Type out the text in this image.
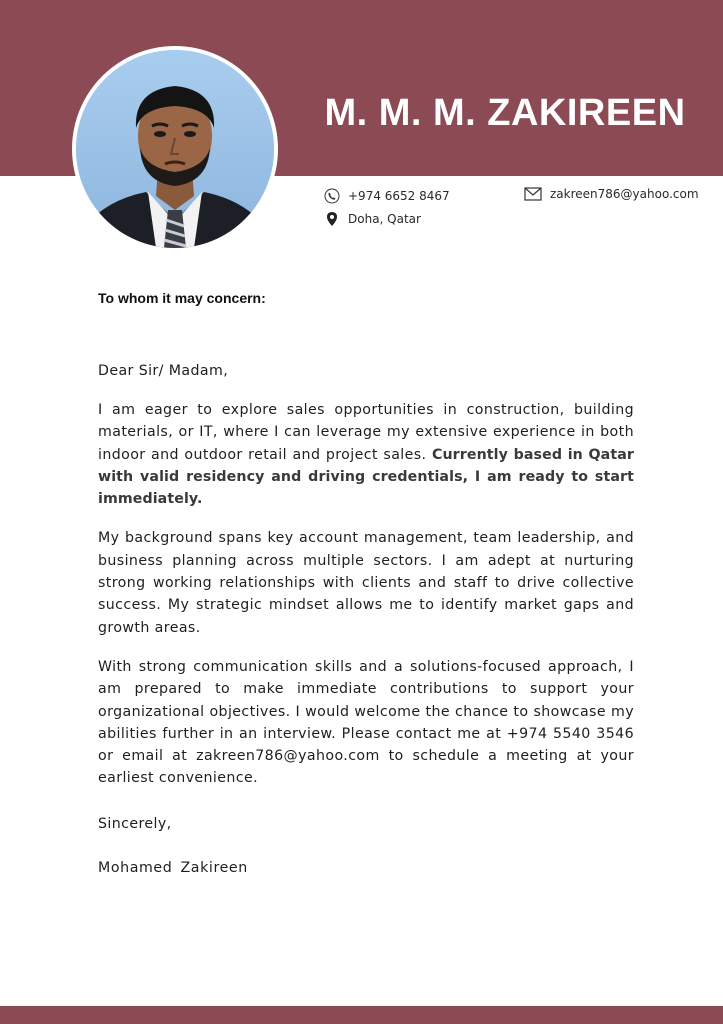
M. M. M. ZAKIREEN
+974 6652 8467	zakreen786@yahoo.com
Doha, Qatar

To whom it may concern:

Dear Sir/ Madam,

I am eager to explore sales opportunities in construction, building materials, or IT, where I can leverage my extensive experience in both indoor and outdoor retail and project sales. Currently based in Qatar with valid residency and driving credentials, I am ready to start immediately.

My background spans key account management, team leadership, and business planning across multiple sectors. I am adept at nurturing strong working relationships with clients and staff to drive collective success. My strategic mindset allows me to identify market gaps and growth areas.

With strong communication skills and a solutions-focused approach, I am prepared to make immediate contributions to support your organizational objectives. I would welcome the chance to showcase my abilities further in an interview. Please contact me at +974 5540 3546 or email at zakreen786@yahoo.com to schedule a meeting at your earliest convenience.

Sincerely,

Mohamed Zakireen
